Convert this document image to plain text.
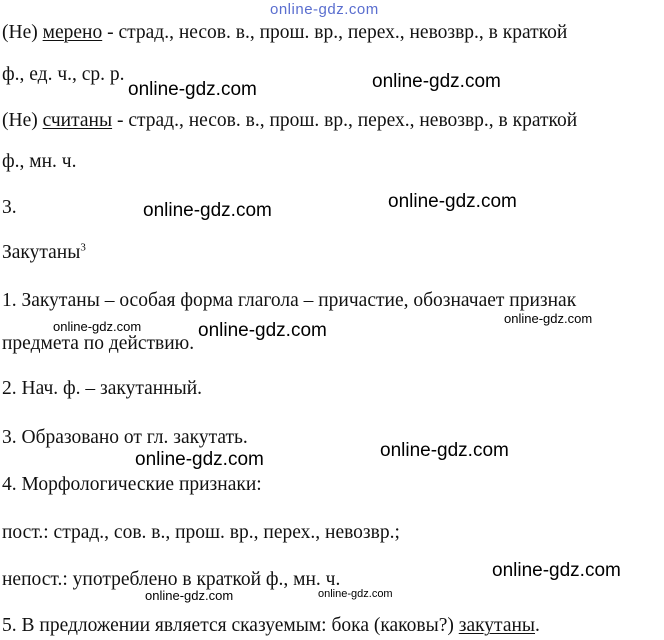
online-gdz.com
(Не) мерено - страд., несов. в., прош. вр., перех., невозвр., в краткой
ф., ед. ч., ср. р.
(Не) считаны - страд., несов. в., прош. вр., перех., невозвр., в краткой
ф., мн. ч.
3.
Закутаны$^3$
1. Закутаны – особая форма глагола – причастие, обозначает признак
предмета по действию.
2. Нач. ф. – закутанный.
3. Образовано от гл. закутать.
4. Морфологические признаки:
пост.: страд., сов. в., прош. вр., перех., невозвр.;
непост.: употреблено в краткой ф., мн. ч.
5. В предложении является сказуемым: бока (каковы?) закутаны.
online-gdz.com	online-gdz.com
online-gdz.com	online-gdz.com
online-gdz.com	online-gdz.com
online-gdz.com
online-gdz.com
online-gdz.com
online-gdz.com
online-gdz.com	online-gdz.com
